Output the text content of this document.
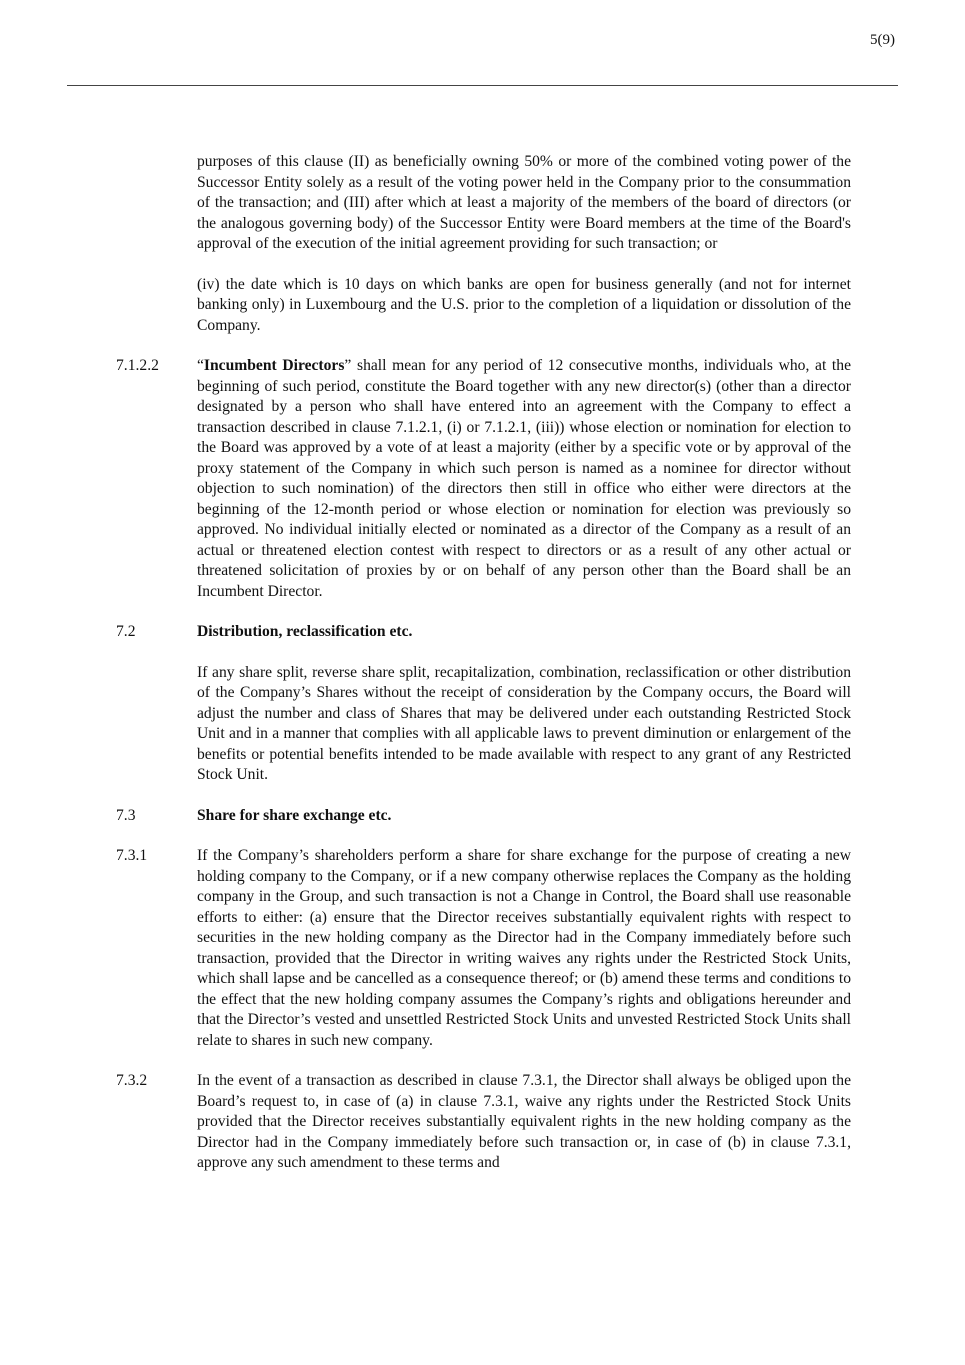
5(9)

purposes of this clause (II) as beneficially owning 50% or more of the combined voting power of the Successor Entity solely as a result of the voting power held in the Company prior to the consummation of the transaction; and (III) after which at least a majority of the members of the board of directors (or the analogous governing body) of the Successor Entity were Board members at the time of the Board's approval of the execution of the initial agreement providing for such transaction; or

(iv) the date which is 10 days on which banks are open for business generally (and not for internet banking only) in Luxembourg and the U.S. prior to the completion of a liquidation or dissolution of the Company.

7.1.2.2	“Incumbent Directors” shall mean for any period of 12 consecutive months, individuals who, at the beginning of such period, constitute the Board together with any new director(s) (other than a director designated by a person who shall have entered into an agreement with the Company to effect a transaction described in clause 7.1.2.1, (i) or 7.1.2.1, (iii)) whose election or nomination for election to the Board was approved by a vote of at least a majority (either by a specific vote or by approval of the proxy statement of the Company in which such person is named as a nominee for director without objection to such nomination) of the directors then still in office who either were directors at the beginning of the 12-month period or whose election or nomination for election was previously so approved. No individual initially elected or nominated as a director of the Company as a result of an actual or threatened election contest with respect to directors or as a result of any other actual or threatened solicitation of proxies by or on behalf of any person other than the Board shall be an Incumbent Director.

7.2	Distribution, reclassification etc.

If any share split, reverse share split, recapitalization, combination, reclassification or other distribution of the Company’s Shares without the receipt of consideration by the Company occurs, the Board will adjust the number and class of Shares that may be delivered under each outstanding Restricted Stock Unit and in a manner that complies with all applicable laws to prevent diminution or enlargement of the benefits or potential benefits intended to be made available with respect to any grant of any Restricted Stock Unit.

7.3	Share for share exchange etc.
7.3.1	If the Company’s shareholders perform a share for share exchange for the purpose of creating a new holding company to the Company, or if a new company otherwise replaces the Company as the holding company in the Group, and such transaction is not a Change in Control, the Board shall use reasonable efforts to either: (a) ensure that the Director receives substantially equivalent rights with respect to securities in the new holding company as the Director had in the Company immediately before such transaction, provided that the Director in writing waives any rights under the Restricted Stock Units, which shall lapse and be cancelled as a consequence thereof; or (b) amend these terms and conditions to the effect that the new holding company assumes the Company’s rights and obligations hereunder and that the Director’s vested and unsettled Restricted Stock Units and unvested Restricted Stock Units shall relate to shares in such new company.

7.3.2	In the event of a transaction as described in clause 7.3.1, the Director shall always be obliged upon the Board’s request to, in case of (a) in clause 7.3.1, waive any rights under the Restricted Stock Units provided that the Director receives substantially equivalent rights in the new holding company as the Director had in the Company immediately before such transaction or, in case of (b) in clause 7.3.1, approve any such amendment to these terms and
